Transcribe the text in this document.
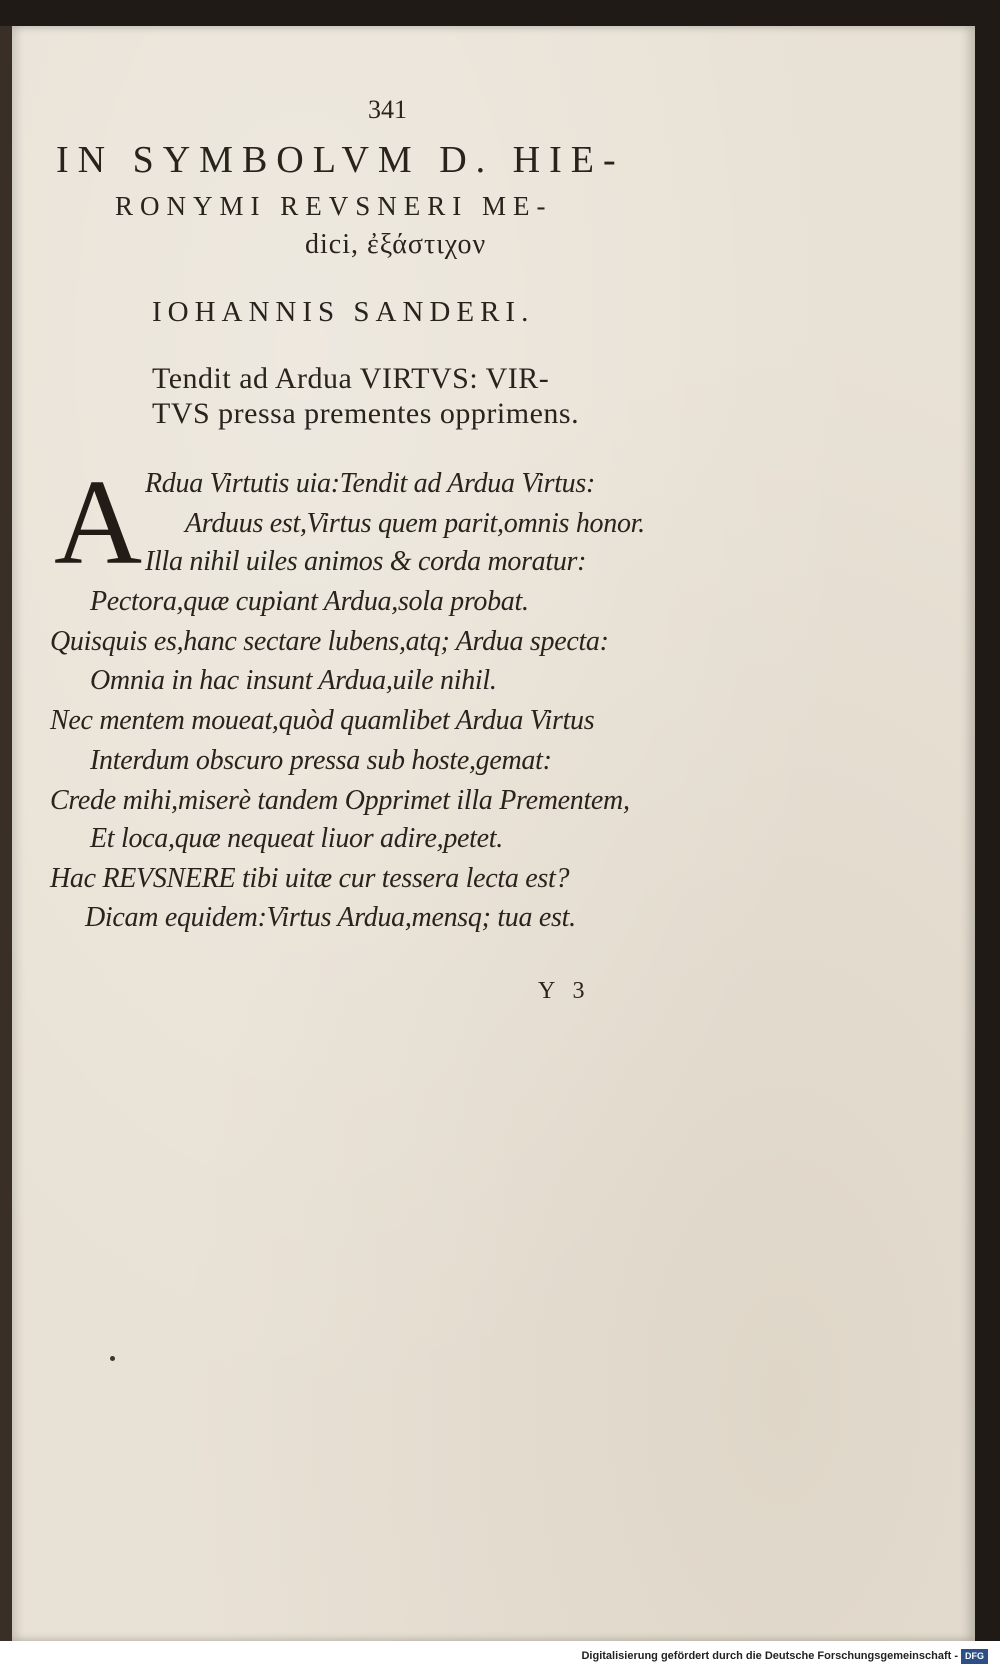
341
IN SYMBOLVM D. HIE-
RONYMI REVSNERI ME-
dici, ἐξάστιχον
IOHANNIS SANDERI.
Tendit ad Ardua VIRTVS: VIR-
TVS pressa prementes opprimens.
A Rdua Virtutis uia:Tendit ad Ardua Virtus:
Arduus est,Virtus quem parit,omnis honor.
Illa nihil uiles animos & corda moratur:
Pectora,quæ cupiant Ardua,sola probat.
Quisquis es,hanc sectare lubens,atq; Ardua specta:
Omnia in hac insunt Ardua,uile nihil.
Nec mentem moueat,quòd quamlibet Ardua Virtus
Interdum obscuro pressa sub hoste,gemat:
Crede mihi,miserè tandem Opprimet illa Prementem,
Et loca,quæ nequeat liuor adire,petet.
Hac REVSNERE tibi uitæ cur tessera lecta est?
Dicam equidem:Virtus Ardua,mensq; tua est.
Y 3
Digitalisierung gefördert durch die Deutsche Forschungsgemeinschaft - DFG
